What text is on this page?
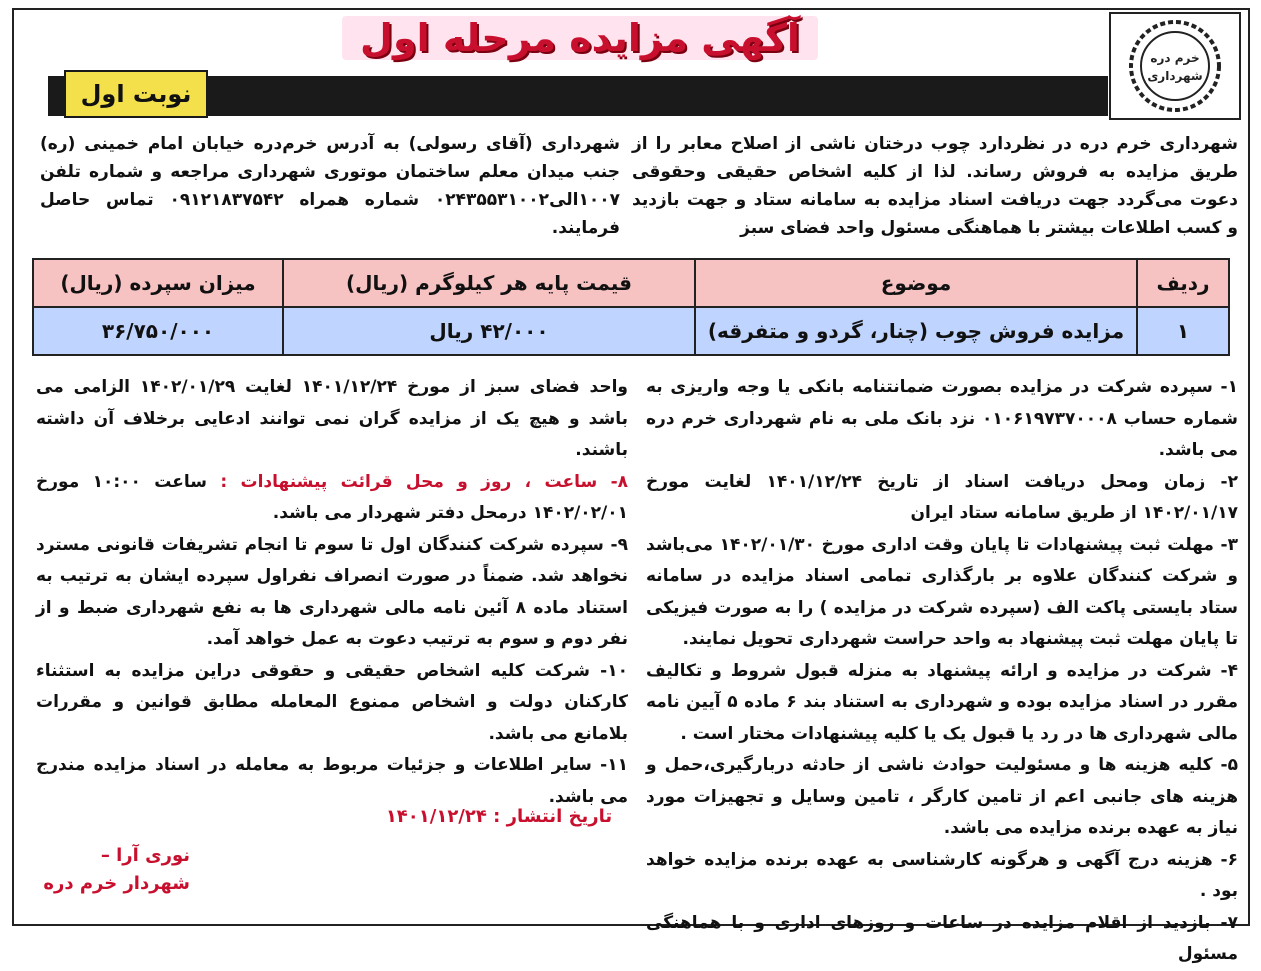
خرم دره
شهرداری
آگهی مزایده مرحله اول
نوبت اول
شهرداری خرم دره در نظردارد چوب درختان ناشی از اصلاح معابر را از طریق مزایده به فروش رساند. لذا از کلیه اشخاص حقیقی وحقوقی دعوت می‌گردد جهت دریافت اسناد مزایده به سامانه ستاد و جهت بازدید و کسب اطلاعات بیشتر با هماهنگی مسئول واحد فضای سبز
شهرداری (آقای رسولی) به آدرس خرم‌دره خیابان امام خمینی (ره) جنب میدان معلم ساختمان موتوری شهرداری مراجعه و شماره تلفن ۱۰۰۷الی۰۲۴۳۵۵۳۱۰۰۲ شماره همراه ۰۹۱۲۱۸۳۷۵۴۲ تماس حاصل فرمایند.
ردیف	موضوع	قیمت پایه هر کیلوگرم (ریال)	میزان سپرده (ریال)
۱	مزایده فروش چوب (چنار، گردو و متفرقه)	۴۲/۰۰۰ ریال	۳۶/۷۵۰/۰۰۰
۱- سپرده شرکت در مزایده بصورت ضمانتنامه بانکی یا وجه واریزی به شماره حساب ۰۱۰۶۱۹۷۳۷۰۰۰۸ نزد بانک ملی به نام شهرداری خرم دره می باشد.
۲- زمان ومحل دریافت اسناد از تاریخ ۱۴۰۱/۱۲/۲۴ لغایت مورخ ۱۴۰۲/۰۱/۱۷ از طریق سامانه ستاد ایران
۳- مهلت ثبت پیشنهادات تا پایان وقت اداری مورخ ۱۴۰۲/۰۱/۳۰ می‌باشد و شرکت کنندگان علاوه بر بارگذاری تمامی اسناد مزایده در سامانه ستاد بایستی پاکت الف (سپرده شرکت در مزایده ) را به صورت فیزیکی تا پایان مهلت ثبت پیشنهاد به واحد حراست شهرداری تحویل نمایند.
۴- شرکت در مزایده و ارائه پیشنهاد به منزله قبول شروط و تکالیف مقرر در اسناد مزایده بوده و شهرداری به استناد بند ۶ ماده ۵ آیین نامه مالی شهرداری ها در رد یا قبول یک یا کلیه پیشنهادات مختار است .
۵- کلیه هزینه ها و مسئولیت حوادث ناشی از حادثه دربارگیری،حمل و هزینه های جانبی اعم از تامین کارگر ، تامین وسایل و تجهیزات مورد نیاز به عهده برنده مزایده می باشد.
۶- هزینه درج آگهی و هرگونه کارشناسی به عهده برنده مزایده خواهد بود .
۷- بازدید از اقلام مزایده در ساعات و روزهای اداری و با هماهنگی مسئول
واحد فضای سبز از مورخ ۱۴۰۱/۱۲/۲۴ لغایت ۱۴۰۲/۰۱/۲۹ الزامی می باشد و هیچ یک از مزایده گران نمی توانند ادعایی برخلاف آن داشته باشند.
۸- ساعت ، روز و محل قرائت پیشنهادات : ساعت ۱۰:۰۰ مورخ ۱۴۰۲/۰۲/۰۱ درمحل دفتر شهردار می باشد.
۹- سپرده شرکت کنندگان اول تا سوم تا انجام تشریفات قانونی مسترد نخواهد شد. ضمناً در صورت انصراف نفراول سپرده ایشان به ترتیب به استناد ماده ۸ آئین نامه مالی شهرداری ها به نفع شهرداری ضبط و از نفر دوم و سوم به ترتیب دعوت به عمل خواهد آمد.
۱۰- شرکت کلیه اشخاص حقیقی و حقوقی دراین مزایده به استثناء کارکنان دولت و اشخاص ممنوع المعامله مطابق قوانین و مقررات بلامانع می باشد.
۱۱- سایر اطلاعات و جزئیات مربوط به معامله در اسناد مزایده مندرج می باشد.
تاریخ انتشار : ۱۴۰۱/۱۲/۲۴
نوری آرا –
شهردار خرم دره
